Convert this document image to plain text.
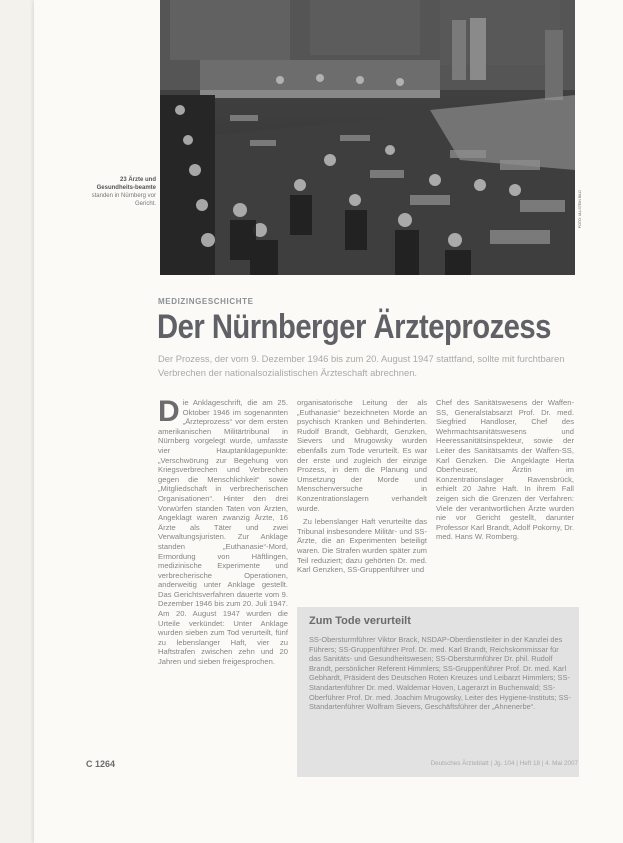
FOTO: ULLSTEIN BILD
23 Ärzte und Gesundheits-beamte standen in Nürnberg vor Gericht.
MEDIZINGESCHICHTE
Der Nürnberger Ärzteprozess
Der Prozess, der vom 9. Dezember 1946 bis zum 20. August 1947 stattfand, sollte mit furchtbaren Verbrechen der nationalsozialistischen Ärzteschaft abrechnen.

Die Anklageschrift, die am 25. Oktober 1946 im sogenannten „Ärzteprozess“ vor dem ersten amerikanischen Militärtribunal in Nürnberg vorgelegt wurde, umfasste vier Hauptanklagepunkte: „Verschwörung zur Begehung von Kriegsverbrechen und Verbrechen gegen die Menschlichkeit“ sowie „Mitgliedschaft in verbrecherischen Organisationen“. Hinter den drei Vorwürfen standen Taten von Ärzten, Angeklagt waren zwanzig Ärzte, 16 Ärzte als Täter und zwei Verwaltungsjuristen. Zur Anklage standen „Euthanasie“-Mord, Ermordung von Häftlingen, medizinische Experimente und verbrecherische Operationen, anderweitig unter Anklage gestellt. Das Gerichtsverfahren dauerte vom 9. Dezember 1946 bis zum 20. Juli 1947. Am 20. August 1947 wurden die Urteile verkündet: Unter Anklage wurden sieben zum Tod verurteilt, fünf zu lebenslanger Haft, vier zu Haftstrafen zwischen zehn und 20 Jahren und sieben freigesprochen.

organisatorische Leitung der als „Euthanasie“ bezeichneten Morde an psychisch Kranken und Behinderten. Rudolf Brandt, Gebhardt, Genzken, Sievers und Mrugowsky wurden ebenfalls zum Tode verurteilt. Es war der erste und zugleich der einzige Prozess, in dem die Planung und Umsetzung der Morde und Menschenversuche in Konzentrationslagern verhandelt wurde.

Zu lebenslanger Haft verurteilte das Tribunal insbesondere Militär- und SS-Ärzte, die an Experimenten beteiligt waren. Die Strafen wurden später zum Teil reduziert; dazu gehörten Dr. med. Karl Genzken, SS-Gruppenführer und

Chef des Sanitätswesens der Waffen-SS, Generalstabsarzt Prof. Dr. med. Siegfried Handloser, Chef des Wehrmachtsanitätswesens und Heeressanitätsinspekteur, sowie der Leiter des Sanitätsamts der Waffen-SS, Karl Genzken. Die Angeklagte Herta Oberheuser, Ärztin im Konzentrationslager Ravensbrück, erhielt 20 Jahre Haft. In ihrem Fall zeigen sich die Grenzen der Verfahren: Viele der verantwortlichen Ärzte wurden nie vor Gericht gestellt, darunter Professor Karl Brandt, Adolf Pokorny, Dr. med. Hans W. Romberg.

Zum Tode verurteilt
SS-Obersturmführer Viktor Brack, NSDAP-Oberdienstleiter in der Kanzlei des Führers; SS-Gruppenführer Prof. Dr. med. Karl Brandt, Reichskommissar für das Sanitäts- und Gesundheitswesen; SS-Obersturmführer Dr. phil. Rudolf Brandt, persönlicher Referent Himmlers; SS-Gruppenführer Prof. Dr. med. Karl Gebhardt, Präsident des Deutschen Roten Kreuzes und Leibarzt Himmlers; SS-Standartenführer Dr. med. Waldemar Hoven, Lagerarzt in Buchenwald; SS-Oberführer Prof. Dr. med. Joachim Mrugowsky, Leiter des Hygiene-Instituts; SS-Standartenführer Wolfram Sievers, Geschäftsführer der „Ahnenerbe“.
C 1264	Deutsches Ärzteblatt | Jg. 104 | Heft 18 | 4. Mai 2007
